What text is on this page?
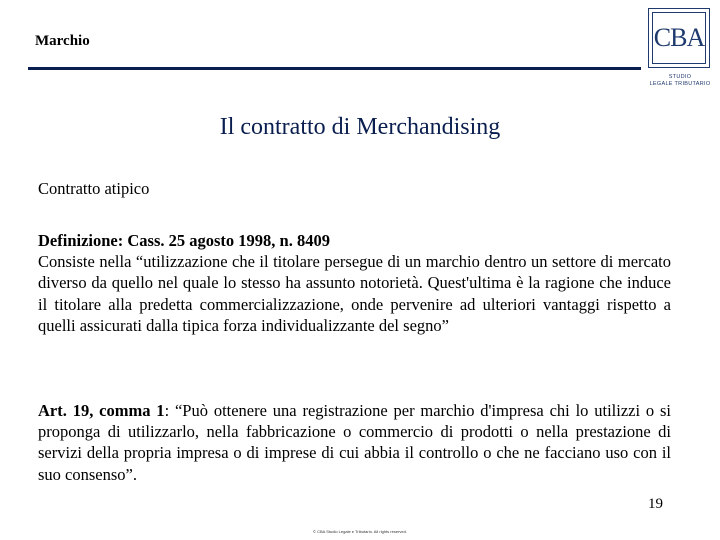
Marchio	CBA
STUDIO
LEGALE TRIBUTARIO
Il contratto di Merchandising
Contratto atipico
Definizione: Cass. 25 agosto 1998, n. 8409
Consiste nella “utilizzazione che il titolare persegue di un marchio dentro un settore di mercato diverso da quello nel quale lo stesso ha assunto notorietà. Quest'ultima è la ragione che induce il titolare alla predetta commercializzazione, onde pervenire ad ulteriori vantaggi rispetto a quelli assicurati dalla tipica forza individualizzante del segno”
Art. 19, comma 1: “Può ottenere una registrazione per marchio d'impresa chi lo utilizzi o si proponga di utilizzarlo, nella fabbricazione o commercio di prodotti o nella prestazione di servizi della propria impresa o di imprese di cui abbia il controllo o che ne facciano uso con il suo consenso”.
19
© CBA Studio Legale e Tributario. All rights reserved.
